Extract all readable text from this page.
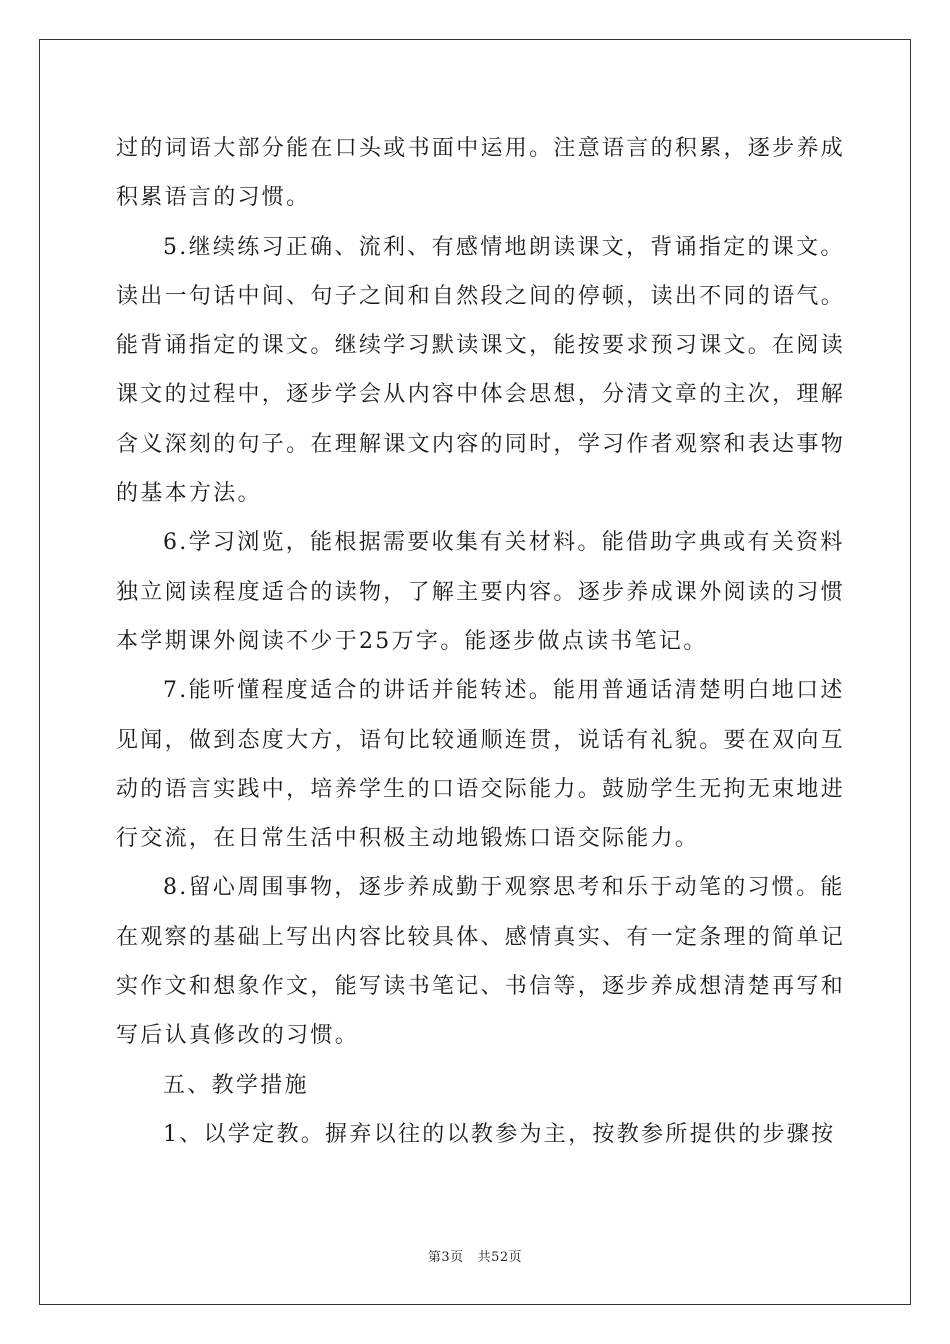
过的词语大部分能在口头或书面中运用。注意语言的积累，逐步养成

积累语言的习惯。

5.继续练习正确、流利、有感情地朗读课文，背诵指定的课文。

读出一句话中间、句子之间和自然段之间的停顿，读出不同的语气。

能背诵指定的课文。继续学习默读课文，能按要求预习课文。在阅读

课文的过程中，逐步学会从内容中体会思想，分清文章的主次，理解

含义深刻的句子。在理解课文内容的同时，学习作者观察和表达事物

的基本方法。

6.学习浏览，能根据需要收集有关材料。能借助字典或有关资料

独立阅读程度适合的读物，了解主要内容。逐步养成课外阅读的习惯

本学期课外阅读不少于25万字。能逐步做点读书笔记。

7.能听懂程度适合的讲话并能转述。能用普通话清楚明白地口述

见闻，做到态度大方，语句比较通顺连贯，说话有礼貌。要在双向互

动的语言实践中，培养学生的口语交际能力。鼓励学生无拘无束地进

行交流，在日常生活中积极主动地锻炼口语交际能力。

8.留心周围事物，逐步养成勤于观察思考和乐于动笔的习惯。能

在观察的基础上写出内容比较具体、感情真实、有一定条理的简单记

实作文和想象作文，能写读书笔记、书信等，逐步养成想清楚再写和

写后认真修改的习惯。

五、教学措施

1、以学定教。摒弃以往的以教参为主，按教参所提供的步骤按

第3页 共52页
